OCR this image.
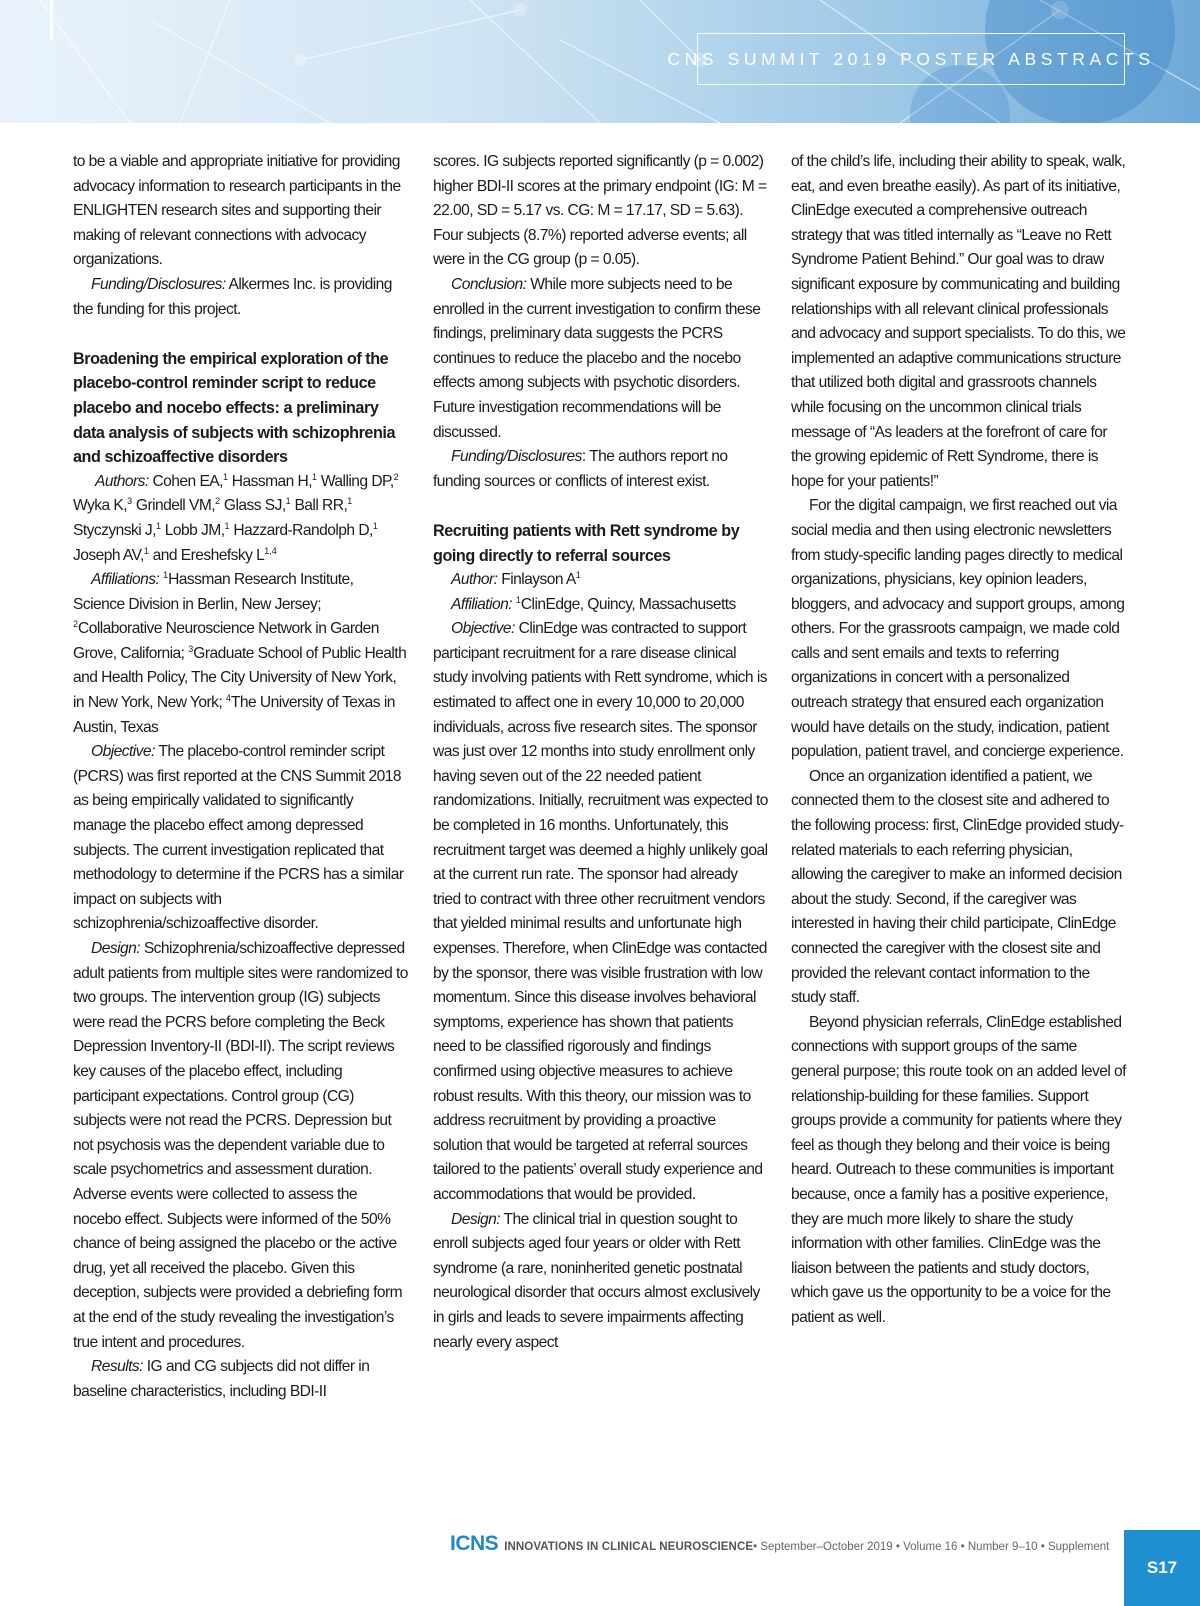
CNS SUMMIT 2019 POSTER ABSTRACTS

to be a viable and appropriate initiative for providing advocacy information to research participants in the ENLIGHTEN research sites and supporting their making of relevant connections with advocacy organizations.

Funding/Disclosures: Alkermes Inc. is providing the funding for this project.

Broadening the empirical exploration of the placebo-control reminder script to reduce placebo and nocebo effects: a preliminary data analysis of subjects with schizophrenia and schizoaffective disorders

Authors: Cohen EA,$^1$ Hassman H,$^1$ Walling DP,$^2$ Wyka K,$^3$ Grindell VM,$^2$ Glass SJ,$^1$ Ball RR,$^1$ Styczynski J,$^1$ Lobb JM,$^1$ Hazzard-Randolph D,$^1$ Joseph AV,$^1$ and Ereshefsky L$^{1,4}$

Affiliations: $^1$Hassman Research Institute, Science Division in Berlin, New Jersey; $^2$Collaborative Neuroscience Network in Garden Grove, California; $^3$Graduate School of Public Health and Health Policy, The City University of New York, in New York, New York; $^4$The University of Texas in Austin, Texas

Objective: The placebo-control reminder script (PCRS) was first reported at the CNS Summit 2018 as being empirically validated to significantly manage the placebo effect among depressed subjects. The current investigation replicated that methodology to determine if the PCRS has a similar impact on subjects with schizophrenia/schizoaffective disorder.

Design: Schizophrenia/schizoaffective depressed adult patients from multiple sites were randomized to two groups. The intervention group (IG) subjects were read the PCRS before completing the Beck Depression Inventory-II (BDI-II). The script reviews key causes of the placebo effect, including participant expectations. Control group (CG) subjects were not read the PCRS. Depression but not psychosis was the dependent variable due to scale psychometrics and assessment duration. Adverse events were collected to assess the nocebo effect. Subjects were informed of the 50% chance of being assigned the placebo or the active drug, yet all received the placebo. Given this deception, subjects were provided a debriefing form at the end of the study revealing the investigation’s true intent and procedures.

Results: IG and CG subjects did not differ in baseline characteristics, including BDI-II

scores. IG subjects reported significantly (p = 0.002) higher BDI-II scores at the primary endpoint (IG: M = 22.00, SD = 5.17 vs. CG: M = 17.17, SD = 5.63). Four subjects (8.7%) reported adverse events; all were in the CG group (p = 0.05).

Conclusion: While more subjects need to be enrolled in the current investigation to confirm these findings, preliminary data suggests the PCRS continues to reduce the placebo and the nocebo effects among subjects with psychotic disorders. Future investigation recommendations will be discussed.

Funding/Disclosures: The authors report no funding sources or conflicts of interest exist.

Recruiting patients with Rett syndrome by going directly to referral sources

Author: Finlayson $A^1$

Affiliation: $^1$ClinEdge, Quincy, Massachusetts

Objective: ClinEdge was contracted to support participant recruitment for a rare disease clinical study involving patients with Rett syndrome, which is estimated to affect one in every 10,000 to 20,000 individuals, across five research sites. The sponsor was just over 12 months into study enrollment only having seven out of the 22 needed patient randomizations. Initially, recruitment was expected to be completed in 16 months. Unfortunately, this recruitment target was deemed a highly unlikely goal at the current run rate. The sponsor had already tried to contract with three other recruitment vendors that yielded minimal results and unfortunate high expenses. Therefore, when ClinEdge was contacted by the sponsor, there was visible frustration with low momentum. Since this disease involves behavioral symptoms, experience has shown that patients need to be classified rigorously and findings confirmed using objective measures to achieve robust results. With this theory, our mission was to address recruitment by providing a proactive solution that would be targeted at referral sources tailored to the patients’ overall study experience and accommodations that would be provided.

Design: The clinical trial in question sought to enroll subjects aged four years or older with Rett syndrome (a rare, noninherited genetic postnatal neurological disorder that occurs almost exclusively in girls and leads to severe impairments affecting nearly every aspect

of the child’s life, including their ability to speak, walk, eat, and even breathe easily). As part of its initiative, ClinEdge executed a comprehensive outreach strategy that was titled internally as “Leave no Rett Syndrome Patient Behind.” Our goal was to draw significant exposure by communicating and building relationships with all relevant clinical professionals and advocacy and support specialists. To do this, we implemented an adaptive communications structure that utilized both digital and grassroots channels while focusing on the uncommon clinical trials message of “As leaders at the forefront of care for the growing epidemic of Rett Syndrome, there is hope for your patients!”

For the digital campaign, we first reached out via social media and then using electronic newsletters from study-specific landing pages directly to medical organizations, physicians, key opinion leaders, bloggers, and advocacy and support groups, among others. For the grassroots campaign, we made cold calls and sent emails and texts to referring organizations in concert with a personalized outreach strategy that ensured each organization would have details on the study, indication, patient population, patient travel, and concierge experience.

Once an organization identified a patient, we connected them to the closest site and adhered to the following process: first, ClinEdge provided study-related materials to each referring physician, allowing the caregiver to make an informed decision about the study. Second, if the caregiver was interested in having their child participate, ClinEdge connected the caregiver with the closest site and provided the relevant contact information to the study staff.

Beyond physician referrals, ClinEdge established connections with support groups of the same general purpose; this route took on an added level of relationship-building for these families. Support groups provide a community for patients where they feel as though they belong and their voice is being heard. Outreach to these communities is important because, once a family has a positive experience, they are much more likely to share the study information with other families. ClinEdge was the liaison between the patients and study doctors, which gave us the opportunity to be a voice for the patient as well.

ICNS INNOVATIONS IN CLINICAL NEUROSCIENCE • September–October 2019 • Volume 16 • Number 9–10 • Supplement
S17
